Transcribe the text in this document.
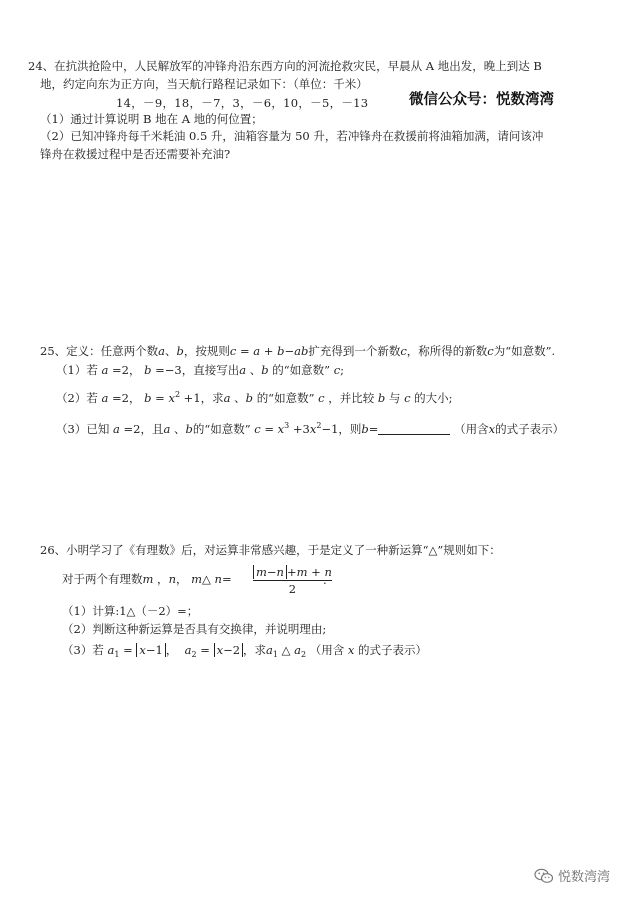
24、在抗洪抢险中，人民解放军的冲锋舟沿东西方向的河流抢救灾民，早晨从 A 地出发，晚上到达 B
地，约定向东为正方向，当天航行路程记录如下：（单位：千米）
14，－9，18，－7，3，－6，10，－5，－13	微信公众号：悦数湾湾
（1）通过计算说明 B 地在 A 地的何位置；
（2）已知冲锋舟每千米耗油 0.5 升，油箱容量为 50 升，若冲锋舟在救援前将油箱加满，请问该冲
锋舟在救援过程中是否还需要补充油?
25、定义：任意两个数a、b，按规则c = a + b−ab扩充得到一个新数c，称所得的新数c为“如意数”.
（1）若 a =2， b =−3，直接写出a 、b 的“如意数” c;
（2）若 a =2， $b = x^2 +1$，求a 、b 的“如意数” c ，并比较 b 与 c 的大小;
（3）已知 a =2，且a 、b的“如意数” $c = x^3 +3x^2-1$，则b=	（用含x的式子表示）
26、小明学习了《有理数》后，对运算非常感兴趣，于是定义了一种新运算“△”规则如下：
对于两个有理数m ，n， m△ n= m−n +m + n
2
.
（1）计算:1△（－2）=；
（2）判断这种新运算是否具有交换律，并说明理由;
（3）若 $a_1 = x-1$ ，  $a_2 = x-2$ ，求$a_1$ △ $a_2$ （用含 x 的式子表示）
悦数湾湾
